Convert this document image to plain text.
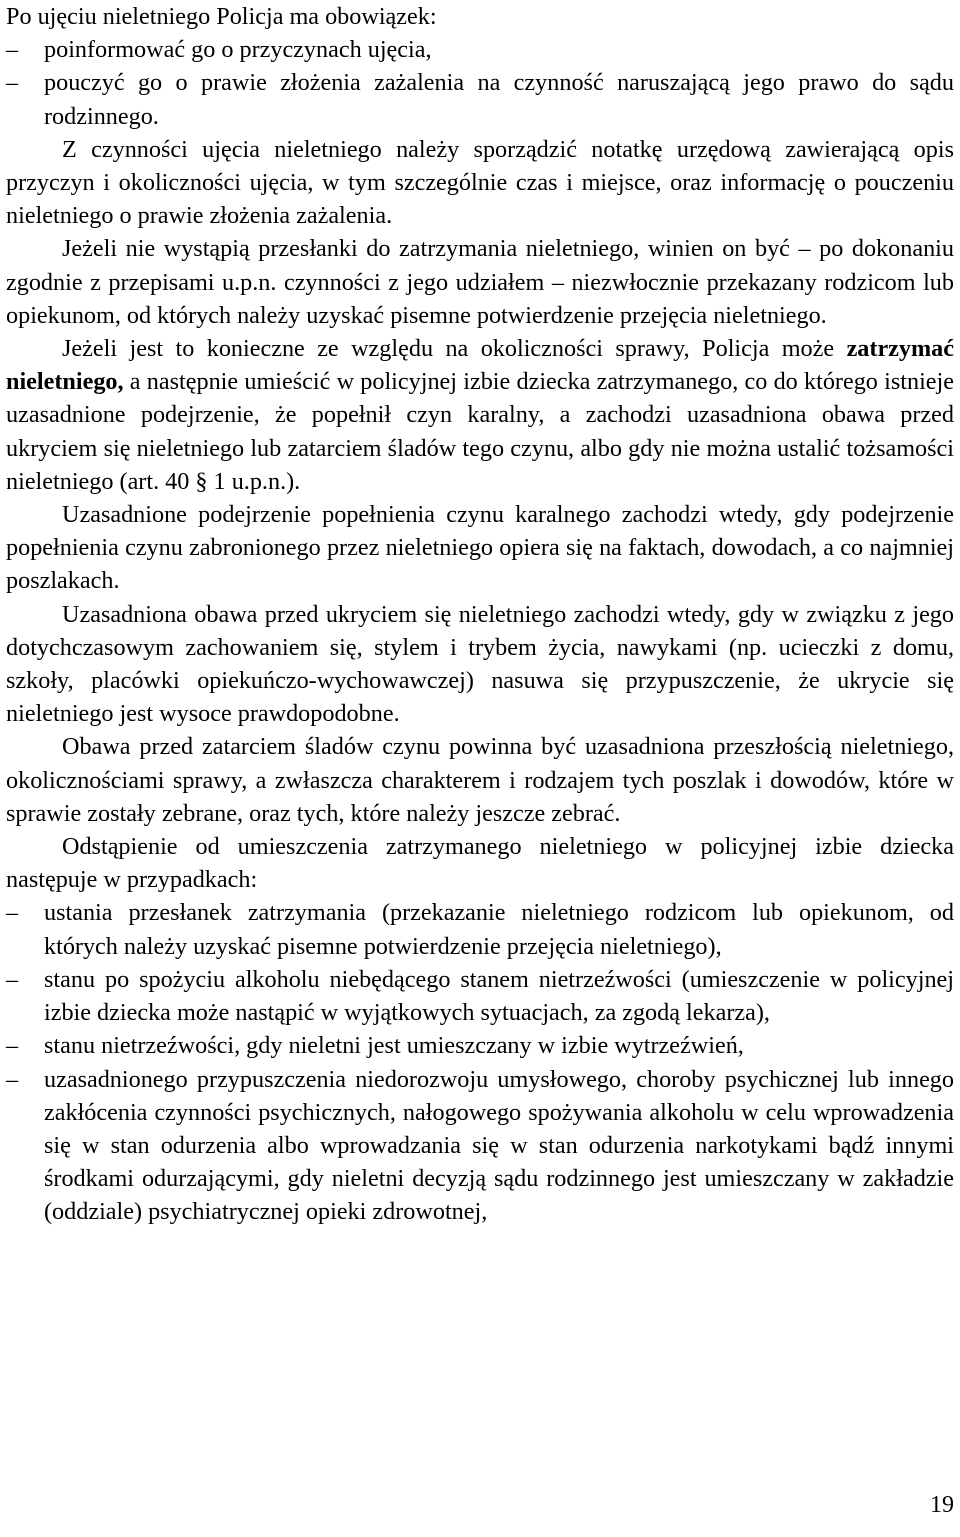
Po ujęciu nieletniego Policja ma obowiązek:

– poinformować go o przyczynach ujęcia,

– pouczyć go o prawie złożenia zażalenia na czynność naruszającą jego prawo do sądu rodzinnego.

Z czynności ujęcia nieletniego należy sporządzić notatkę urzędową zawierającą opis przyczyn i okoliczności ujęcia, w tym szczególnie czas i miejsce, oraz informację o pouczeniu nieletniego o prawie złożenia zażalenia.

Jeżeli nie wystąpią przesłanki do zatrzymania nieletniego, winien on być – po dokonaniu zgodnie z przepisami u.p.n. czynności z jego udziałem – niezwłocznie przekazany rodzicom lub opiekunom, od których należy uzyskać pisemne potwierdzenie przejęcia nieletniego.

Jeżeli jest to konieczne ze względu na okoliczności sprawy, Policja może zatrzymać nieletniego, a następnie umieścić w policyjnej izbie dziecka zatrzymanego, co do którego istnieje uzasadnione podejrzenie, że popełnił czyn karalny, a zachodzi uzasadniona obawa przed ukryciem się nieletniego lub zatarciem śladów tego czynu, albo gdy nie można ustalić tożsamości nieletniego (art. 40 § 1 u.p.n.).

Uzasadnione podejrzenie popełnienia czynu karalnego zachodzi wtedy, gdy podejrzenie popełnienia czynu zabronionego przez nieletniego opiera się na faktach, dowodach, a co najmniej poszlakach.

Uzasadniona obawa przed ukryciem się nieletniego zachodzi wtedy, gdy w związku z jego dotychczasowym zachowaniem się, stylem i trybem życia, nawykami (np. ucieczki z domu, szkoły, placówki opiekuńczo-wychowawczej) nasuwa się przypuszczenie, że ukrycie się nieletniego jest wysoce prawdopodobne.

Obawa przed zatarciem śladów czynu powinna być uzasadniona przeszłością nieletniego, okolicznościami sprawy, a zwłaszcza charakterem i rodzajem tych poszlak i dowodów, które w sprawie zostały zebrane, oraz tych, które należy jeszcze zebrać.

Odstąpienie od umieszczenia zatrzymanego nieletniego w policyjnej izbie dziecka następuje w przypadkach:

– ustania przesłanek zatrzymania (przekazanie nieletniego rodzicom lub opiekunom, od których należy uzyskać pisemne potwierdzenie przejęcia nieletniego),

– stanu po spożyciu alkoholu niebędącego stanem nietrzeźwości (umieszczenie w policyjnej izbie dziecka może nastąpić w wyjątkowych sytuacjach, za zgodą lekarza),

– stanu nietrzeźwości, gdy nieletni jest umieszczany w izbie wytrzeźwień,

– uzasadnionego przypuszczenia niedorozwoju umysłowego, choroby psychicznej lub innego zakłócenia czynności psychicznych, nałogowego spożywania alkoholu w celu wprowadzenia się w stan odurzenia albo wprowadzania się w stan odurzenia narkotykami bądź innymi środkami odurzającymi, gdy nieletni decyzją sądu rodzinnego jest umieszczany w zakładzie (oddziale) psychiatrycznej opieki zdrowotnej,

19
